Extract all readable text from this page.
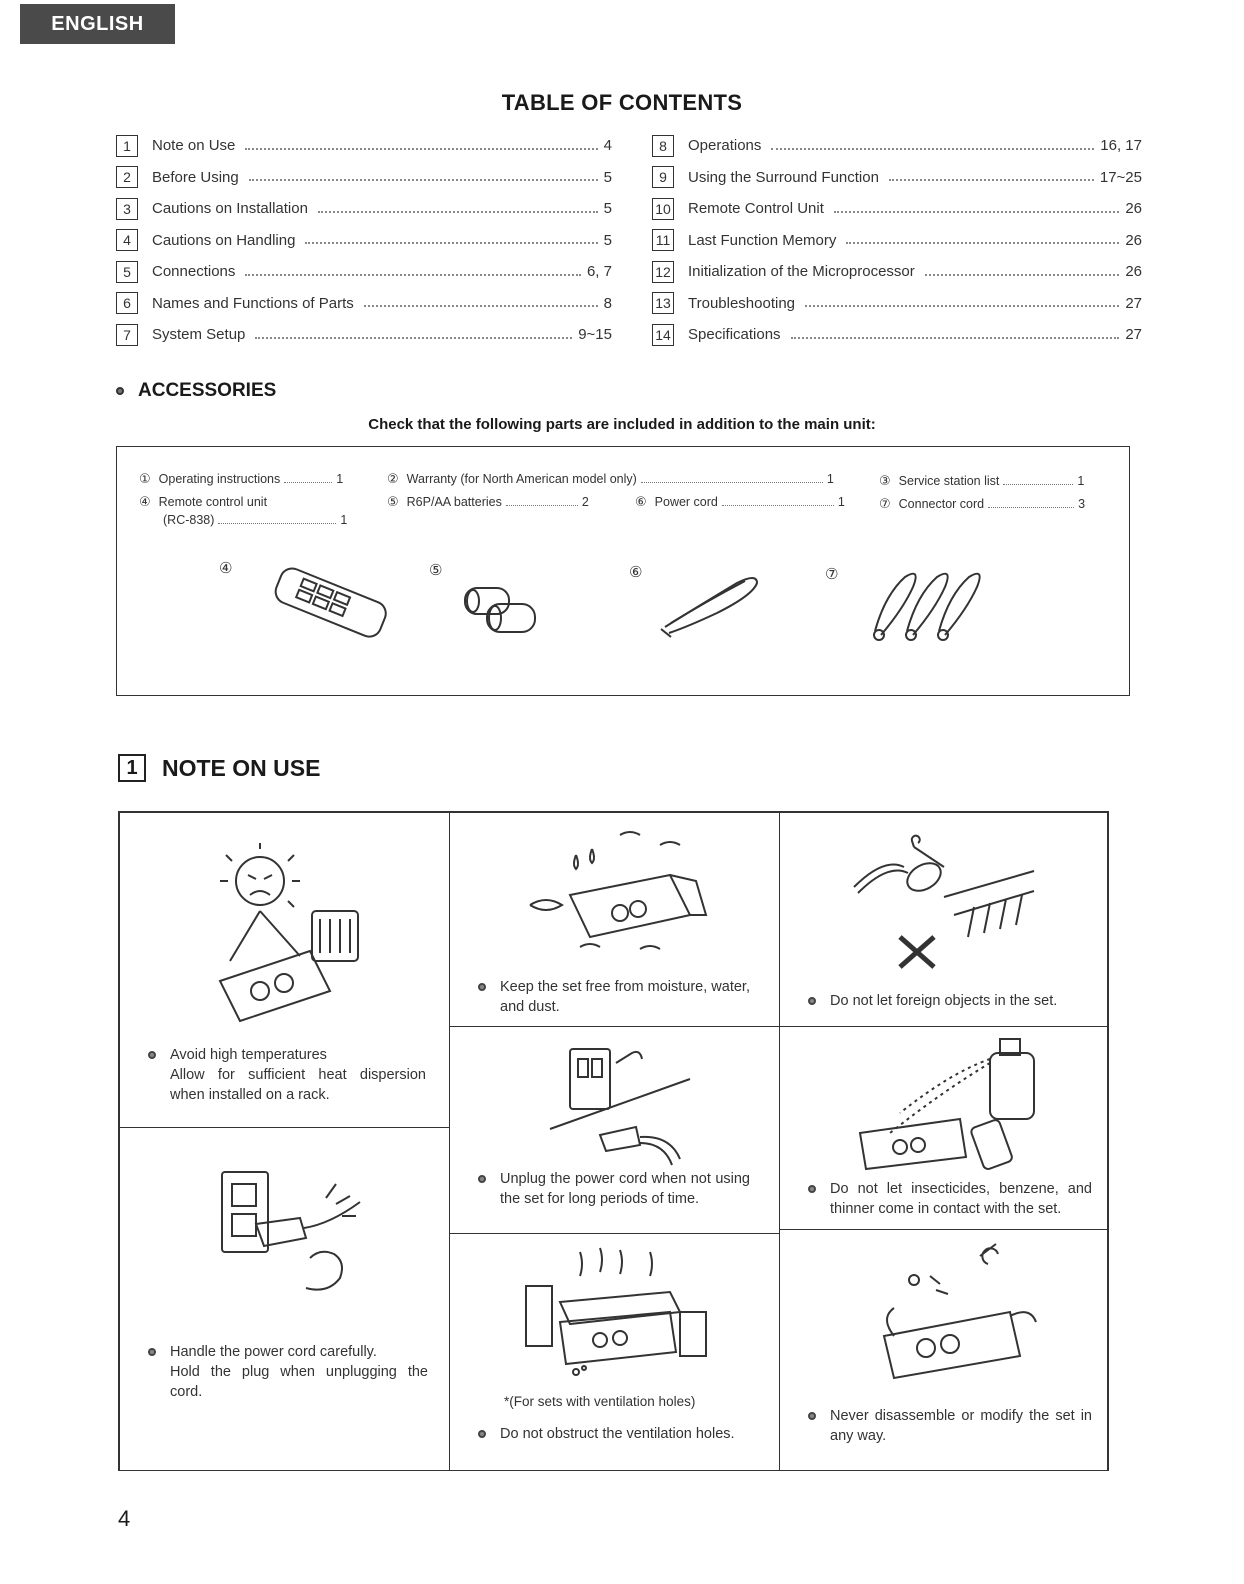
ENGLISH
TABLE OF CONTENTS
1	Note on Use	4
2	Before Using	5
3	Cautions on Installation	5
4	Cautions on Handling	5
5	Connections	6, 7
6	Names and Functions of Parts	8
7	System Setup	9~15
8	Operations	16, 17
9	Using the Surround Function	17~25
10 Remote Control Unit	26
11 Last Function Memory	26
12 Initialization of the Microprocessor	26
13 Troubleshooting	27
14 Specifications	27
ACCESSORIES
Check that the following parts are included in addition to the main unit:
① Operating instructions	1	② Warranty (for North American model only)	1	③ Service station list	1
④ Remote control unit
(RC-838)	1
⑤ R6P/AA batteries	2	⑥ Power cord	1	⑦ Connector cord	3
④	⑤	⑥	⑦
1	NOTE ON USE
Avoid high temperatures
Allow for sufficient heat dispersion when installed on a rack.
Handle the power cord carefully.
Hold the plug when unplugging the cord.
Keep the set free from moisture, water, and dust.
Unplug the power cord when not using the set for long periods of time.
*(For sets with ventilation holes)
Do not obstruct the ventilation holes.
Do not let foreign objects in the set.
Do not let insecticides, benzene, and thinner come in contact with the set.
Never disassemble or modify the set in any way.
4
